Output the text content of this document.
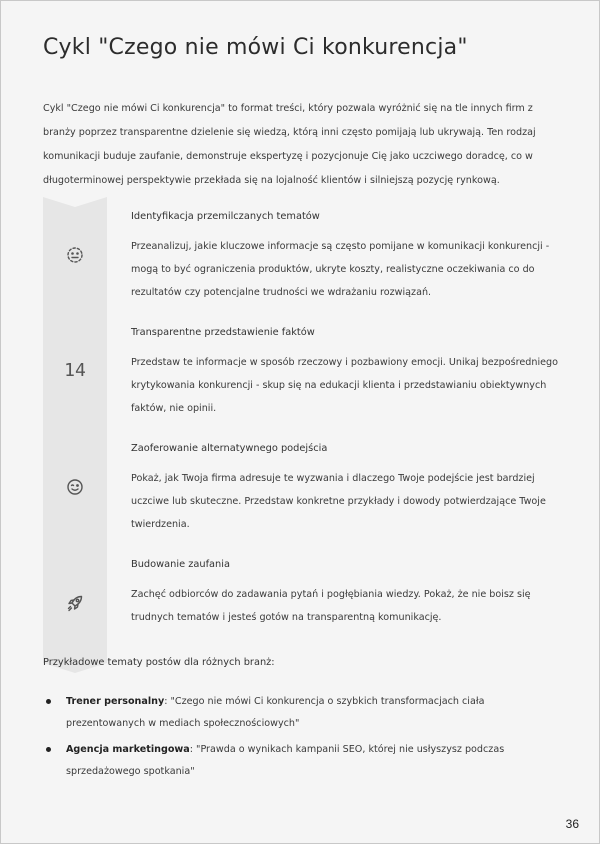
Cykl "Czego nie mówi Ci konkurencja"
Cykl "Czego nie mówi Ci konkurencja" to format treści, który pozwala wyróżnić się na tle innych firm z branży poprzez transparentne dzielenie się wiedzą, którą inni często pomijają lub ukrywają. Ten rodzaj komunikacji buduje zaufanie, demonstruje ekspertyzę i pozycjonuje Cię jako uczciwego doradcę, co w długoterminowej perspektywie przekłada się na lojalność klientów i silniejszą pozycję rynkową.
Identyfikacja przemilczanych tematów
Przeanalizuj, jakie kluczowe informacje są często pomijane w komunikacji konkurencji - mogą to być ograniczenia produktów, ukryte koszty, realistyczne oczekiwania co do rezultatów czy potencjalne trudności we wdrażaniu rozwiązań.
14
Transparentne przedstawienie faktów
Przedstaw te informacje w sposób rzeczowy i pozbawiony emocji. Unikaj bezpośredniego krytykowania konkurencji - skup się na edukacji klienta i przedstawianiu obiektywnych faktów, nie opinii.
Zaoferowanie alternatywnego podejścia
Pokaż, jak Twoja firma adresuje te wyzwania i dlaczego Twoje podejście jest bardziej uczciwe lub skuteczne. Przedstaw konkretne przykłady i dowody potwierdzające Twoje twierdzenia.
Budowanie zaufania
Zachęć odbiorców do zadawania pytań i pogłębiania wiedzy. Pokaż, że nie boisz się trudnych tematów i jesteś gotów na transparentną komunikację.
Przykładowe tematy postów dla różnych branż:
Trener personalny: "Czego nie mówi Ci konkurencja o szybkich transformacjach ciała prezentowanych w mediach społecznościowych"
Agencja marketingowa: "Prawda o wynikach kampanii SEO, której nie usłyszysz podczas sprzedażowego spotkania"
36
